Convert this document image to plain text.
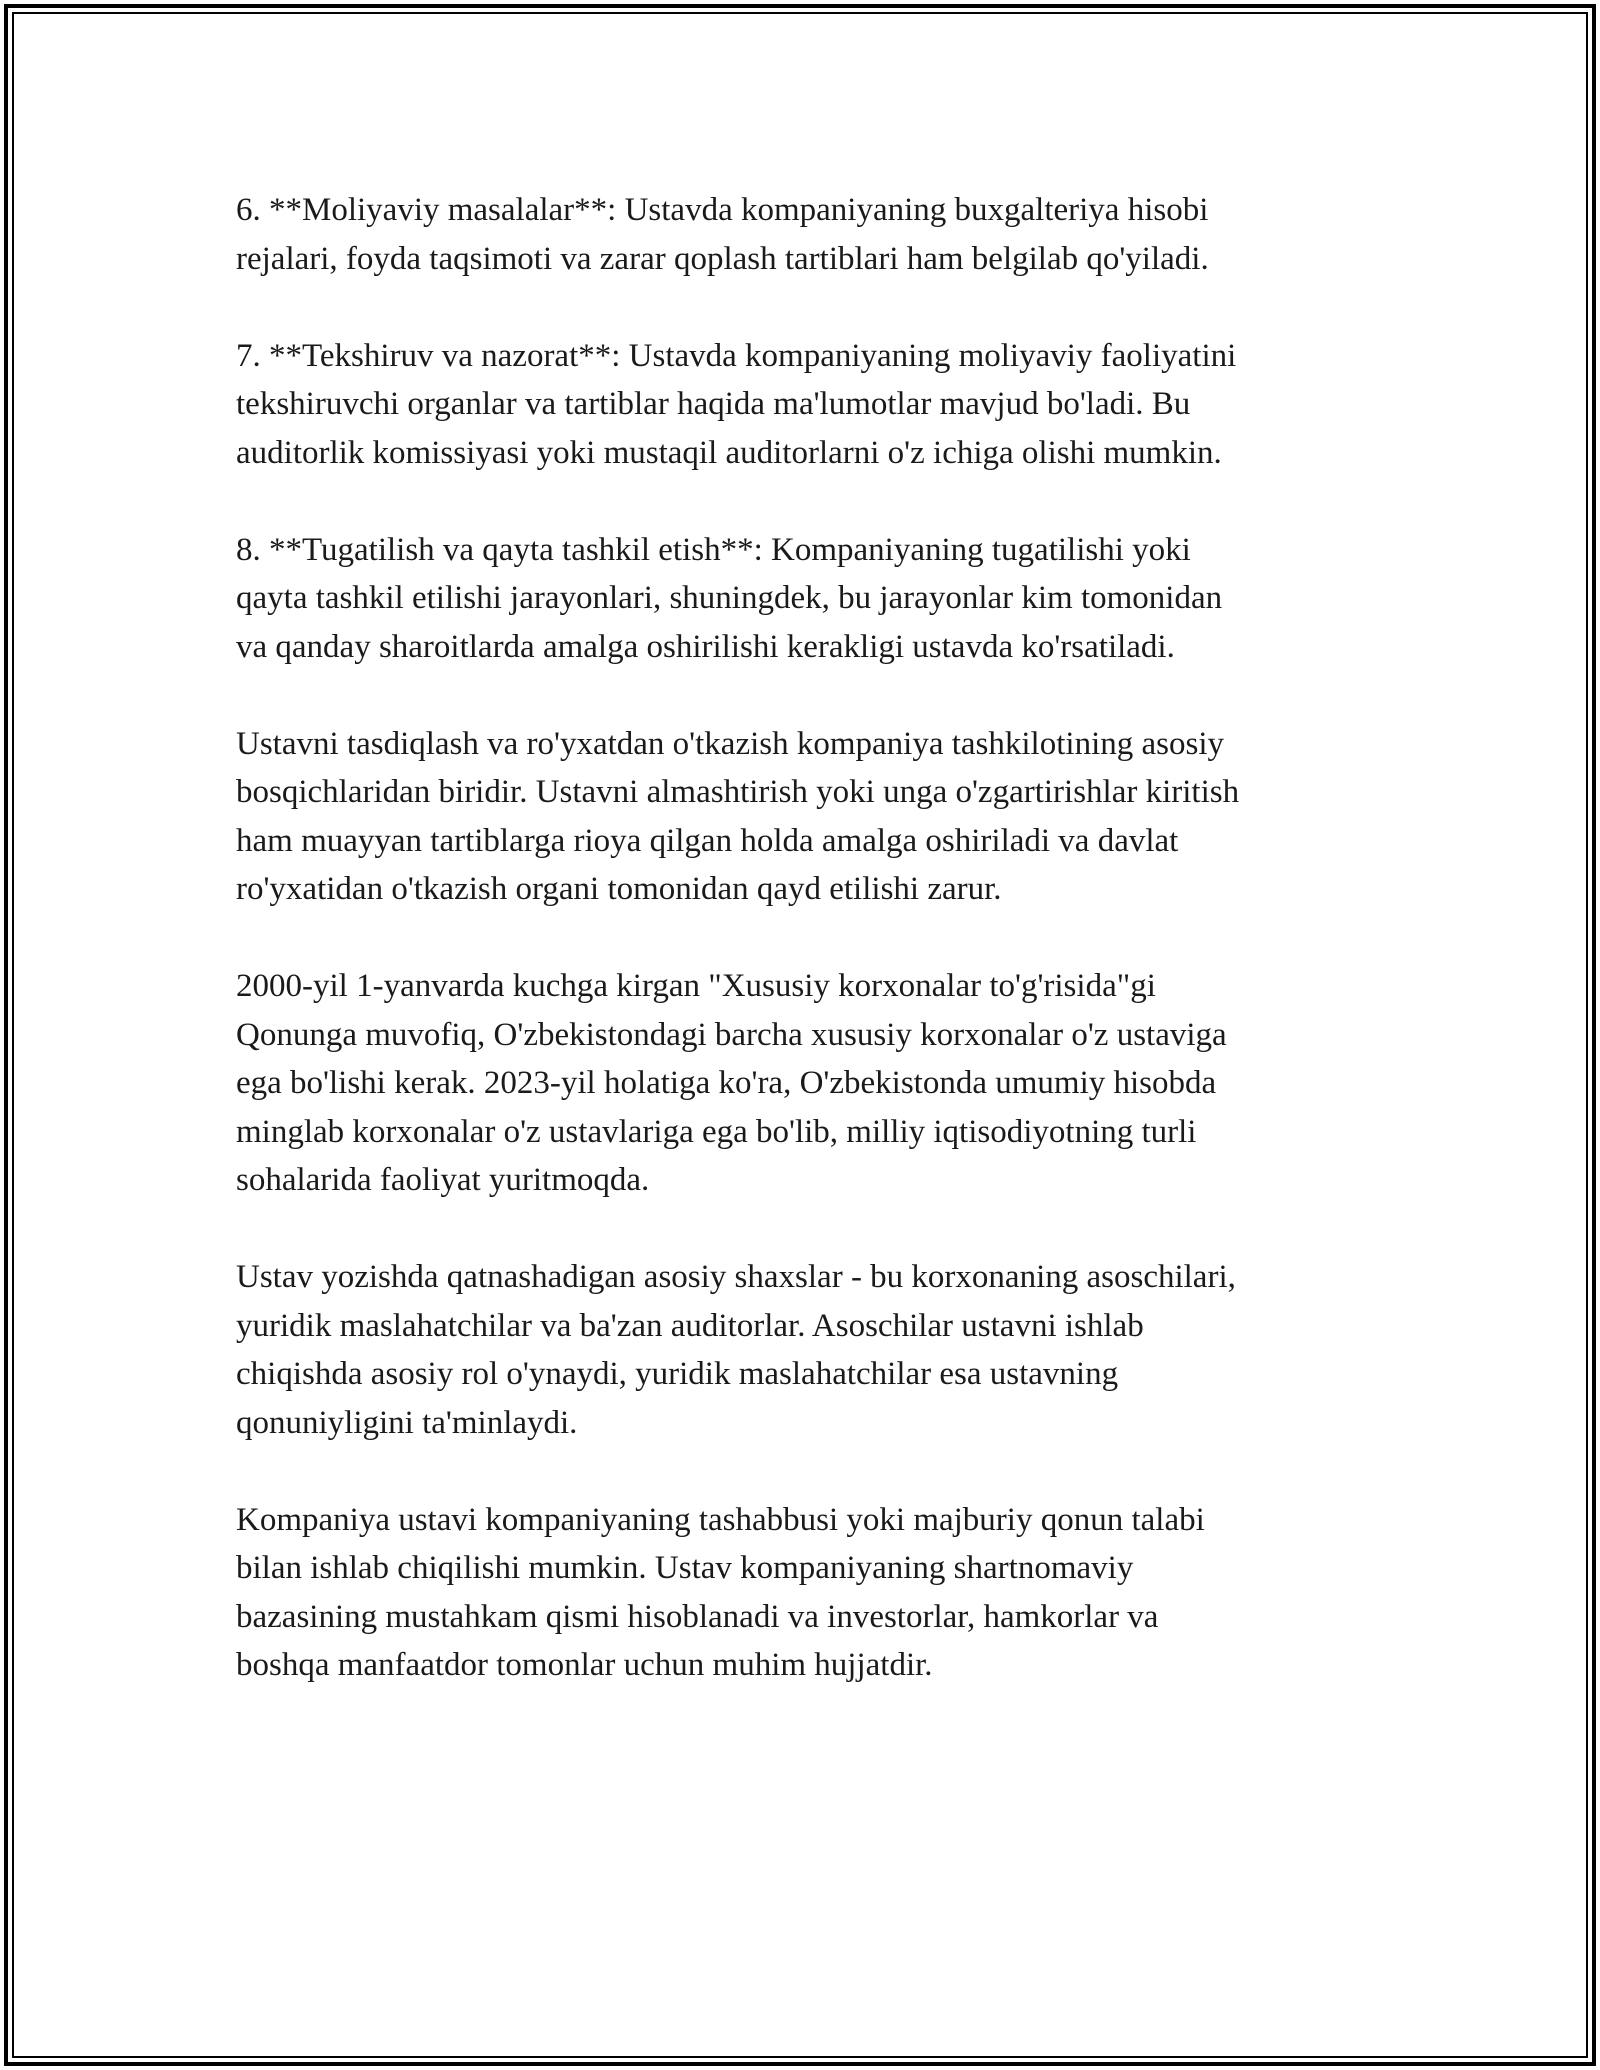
6. **Moliyaviy masalalar**: Ustavda kompaniyaning buxgalteriya hisobi
rejalari, foyda taqsimoti va zarar qoplash tartiblari ham belgilab qo'yiladi.

7. **Tekshiruv va nazorat**: Ustavda kompaniyaning moliyaviy faoliyatini
tekshiruvchi organlar va tartiblar haqida ma'lumotlar mavjud bo'ladi. Bu
auditorlik komissiyasi yoki mustaqil auditorlarni o'z ichiga olishi mumkin.

8. **Tugatilish va qayta tashkil etish**: Kompaniyaning tugatilishi yoki
qayta tashkil etilishi jarayonlari, shuningdek, bu jarayonlar kim tomonidan
va qanday sharoitlarda amalga oshirilishi kerakligi ustavda ko'rsatiladi.

Ustavni tasdiqlash va ro'yxatdan o'tkazish kompaniya tashkilotining asosiy
bosqichlaridan biridir. Ustavni almashtirish yoki unga o'zgartirishlar kiritish
ham muayyan tartiblarga rioya qilgan holda amalga oshiriladi va davlat
ro'yxatidan o'tkazish organi tomonidan qayd etilishi zarur.

2000-yil 1-yanvarda kuchga kirgan "Xususiy korxonalar to'g'risida"gi
Qonunga muvofiq, O'zbekistondagi barcha xususiy korxonalar o'z ustaviga
ega bo'lishi kerak. 2023-yil holatiga ko'ra, O'zbekistonda umumiy hisobda
minglab korxonalar o'z ustavlariga ega bo'lib, milliy iqtisodiyotning turli
sohalarida faoliyat yuritmoqda.

Ustav yozishda qatnashadigan asosiy shaxslar - bu korxonaning asoschilari,
yuridik maslahatchilar va ba'zan auditorlar. Asoschilar ustavni ishlab
chiqishda asosiy rol o'ynaydi, yuridik maslahatchilar esa ustavning
qonuniyligini ta'minlaydi.

Kompaniya ustavi kompaniyaning tashabbusi yoki majburiy qonun talabi
bilan ishlab chiqilishi mumkin. Ustav kompaniyaning shartnomaviy
bazasining mustahkam qismi hisoblanadi va investorlar, hamkorlar va
boshqa manfaatdor tomonlar uchun muhim hujjatdir.
